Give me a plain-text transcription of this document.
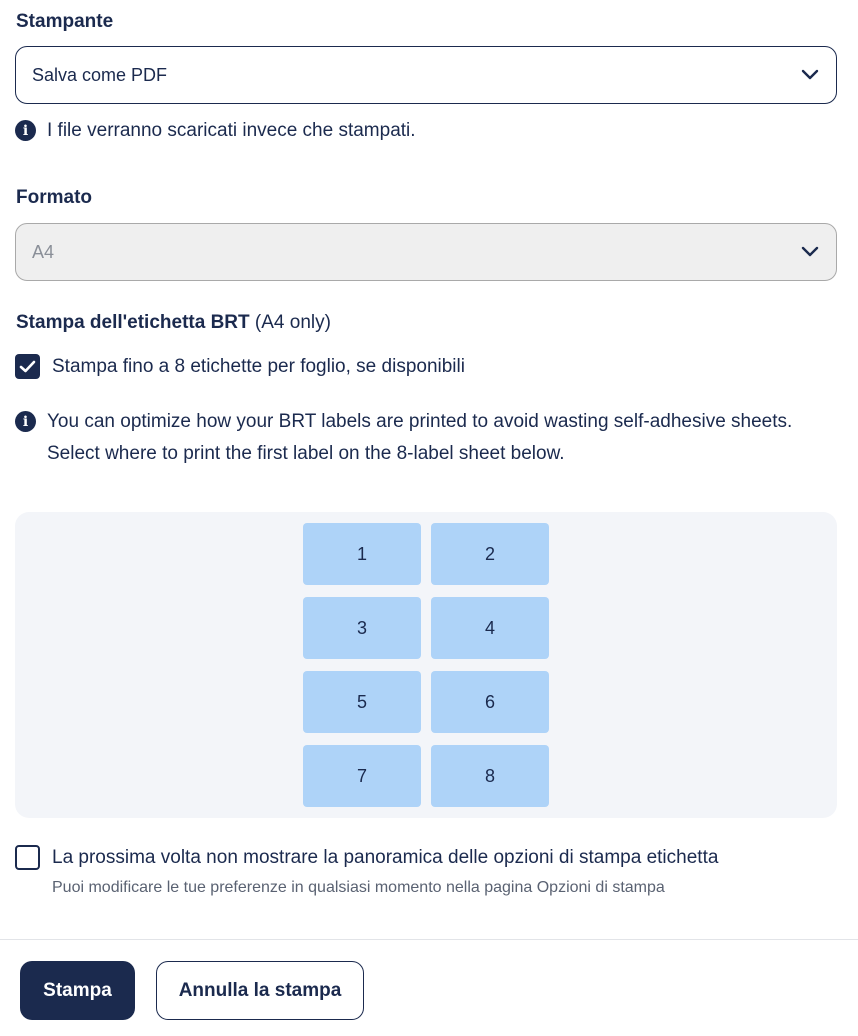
Stampante
Salva come PDF
i I file verranno scaricati invece che stampati.
Formato
A4
Stampa dell'etichetta BRT (A4 only)
Stampa fino a 8 etichette per foglio, se disponibili
i You can optimize how your BRT labels are printed to avoid wasting self-adhesive sheets.
Select where to print the first label on the 8-label sheet below.
1	2
3	4
5	6
7	8
La prossima volta non mostrare la panoramica delle opzioni di stampa etichetta
Puoi modificare le tue preferenze in qualsiasi momento nella pagina Opzioni di stampa
Stampa	Annulla la stampa
